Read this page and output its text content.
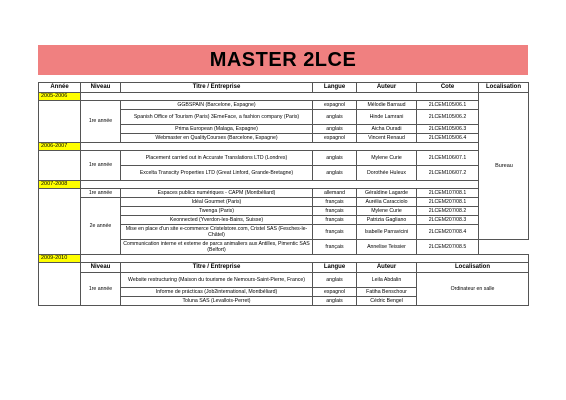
MASTER 2LCE
Année	Niveau	Titre / Entreprise	Langue	Auteur	Cote	Localisation
2005-2006						Bureau
	1re année	GGBSPAIN (Barcelone, Espagne)	espagnol	Mélodie Barraud	2LCEM105/06.1	
		Spanish Office of Tourism (Paris) 3EmeFace, a fashion company (Paris)	anglais	Hinde Lamrani	2LCEM105/06.2	
		Prima European (Malaga, Espagne)	anglais	Aicha Ouradi	2LCEM105/06.3	
		Webmaster en QualityCourses (Barcelone, Espagne)	espagnol	Vincent Renaud	2LCEM105/06.4	
2006-2007						
	1re année	Placement carried out in Accurate Translations LTD (Londres)	anglais	Mylene Curie	2LCEM106/07.1	
		Excelta Transcity Properties LTD (Great Linford, Grande-Bretagne)	anglais	Dorothée Huleux	2LCEM106/07.2	
2007-2008						
	1re année	Espaces publics numériques - CAPM (Montbéliard)	allemand	Géraldine Lagarde	2LCEM107/08.1	
	2e année	Idéal Gourmet (Paris)	français	Aurélia Caracciolo	2LCEM207/08.1	
		Twenga (Paris)	français	Mylene Curie	2LCEM207/08.2	
		Keonnected (Yverdon-les-Bains, Suisse)	français	Patrizia Gagliano	2LCEM207/08.3	
		Mise en place d'un site e-commerce Cristelstore.com, Cristel SAS (Fesches-le-Châtel)	français	Isabelle Parravicini	2LCEM207/08.4	
		Communication interne et externe de parcs animaliers aux Antilles, Pimentic SAS (Belfort)	français	Annelise Teissier	2LCEM207/08.5	
2009-2010						
	Niveau	Titre / Entreprise	Langue	Auteur	Localisation	
	1re année	Website restructuring (Maison du tourisme de Nemours-Saint-Pierre, France)	anglais	Leila Abdalin	Ordinateur en salle	
		Informe de prácticas (Job2international, Montbéliard)	espagnol	Fatiha Benschour		
		Toluna SAS (Levallois-Perret)	anglais	Cédric Bengel		
